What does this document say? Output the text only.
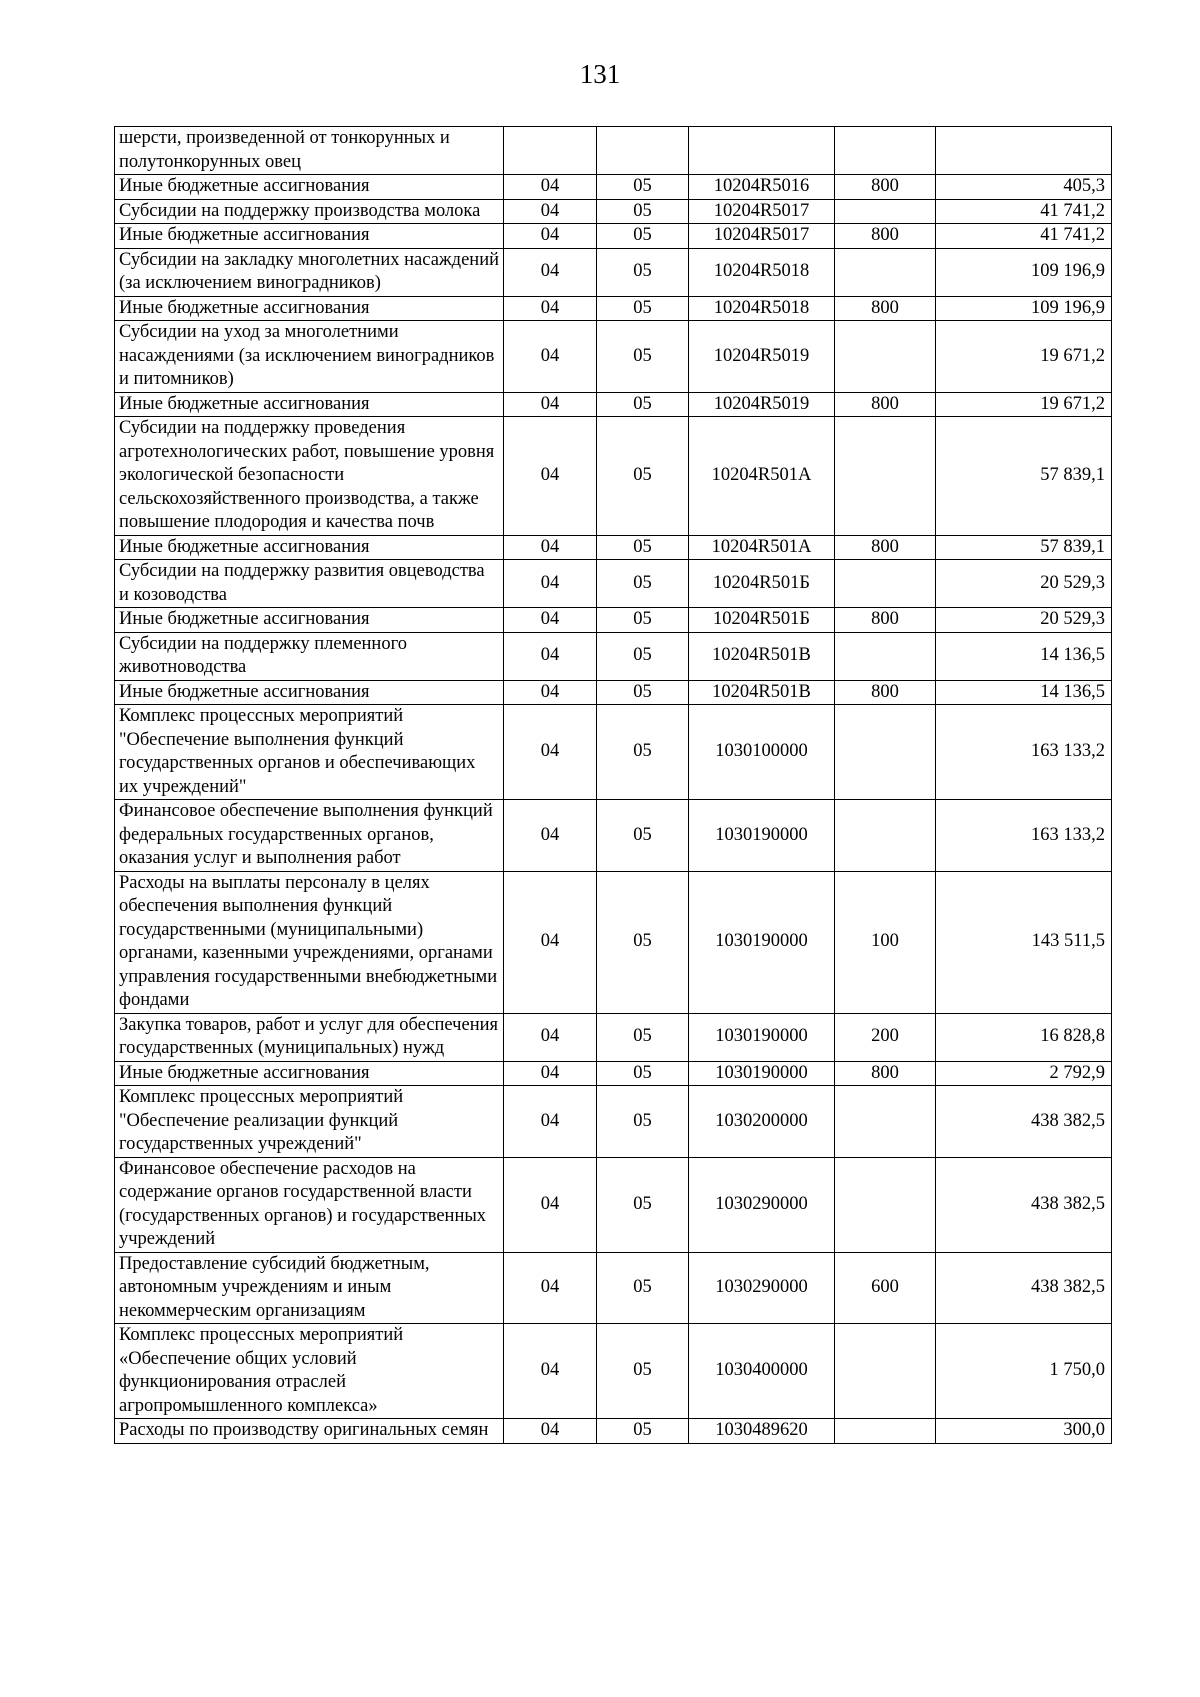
131
шерсти, произведенной от тонкорунных и полутонкорунных овец					
Иные бюджетные ассигнования	04	05	10204R5016	800	405,3
Субсидии на поддержку производства молока	04	05	10204R5017		41 741,2
Иные бюджетные ассигнования	04	05	10204R5017	800	41 741,2
Субсидии на закладку многолетних насаждений (за исключением виноградников)	04	05	10204R5018		109 196,9
Иные бюджетные ассигнования	04	05	10204R5018	800	109 196,9
Субсидии на уход за многолетними насаждениями (за исключением виноградников и питомников)	04	05	10204R5019		19 671,2
Иные бюджетные ассигнования	04	05	10204R5019	800	19 671,2
Субсидии на поддержку проведения агротехнологических работ, повышение уровня экологической безопасности сельскохозяйственного производства, а также повышение плодородия и качества почв	04	05	10204R501А		57 839,1
Иные бюджетные ассигнования	04	05	10204R501А	800	57 839,1
Субсидии на поддержку развития овцеводства и козоводства	04	05	10204R501Б		20 529,3
Иные бюджетные ассигнования	04	05	10204R501Б	800	20 529,3
Субсидии на поддержку племенного животноводства	04	05	10204R501В		14 136,5
Иные бюджетные ассигнования	04	05	10204R501В	800	14 136,5
Комплекс процессных мероприятий "Обеспечение выполнения функций государственных органов и обеспечивающих их учреждений"	04	05	1030100000		163 133,2
Финансовое обеспечение выполнения функций федеральных государственных органов, оказания услуг и выполнения работ	04	05	1030190000		163 133,2
Расходы на выплаты персоналу в целях обеспечения выполнения функций государственными (муниципальными) органами, казенными учреждениями, органами управления государственными внебюджетными фондами	04	05	1030190000	100	143 511,5
Закупка товаров, работ и услуг для обеспечения государственных (муниципальных) нужд	04	05	1030190000	200	16 828,8
Иные бюджетные ассигнования	04	05	1030190000	800	2 792,9
Комплекс процессных мероприятий "Обеспечение реализации функций государственных учреждений"	04	05	1030200000		438 382,5
Финансовое обеспечение расходов на содержание органов государственной власти (государственных органов) и государственных учреждений	04	05	1030290000		438 382,5
Предоставление субсидий бюджетным, автономным учреждениям и иным некоммерческим организациям	04	05	1030290000	600	438 382,5
Комплекс процессных мероприятий «Обеспечение общих условий функционирования отраслей агропромышленного комплекса»	04	05	1030400000		1 750,0
Расходы по производству оригинальных семян	04	05	1030489620		300,0
